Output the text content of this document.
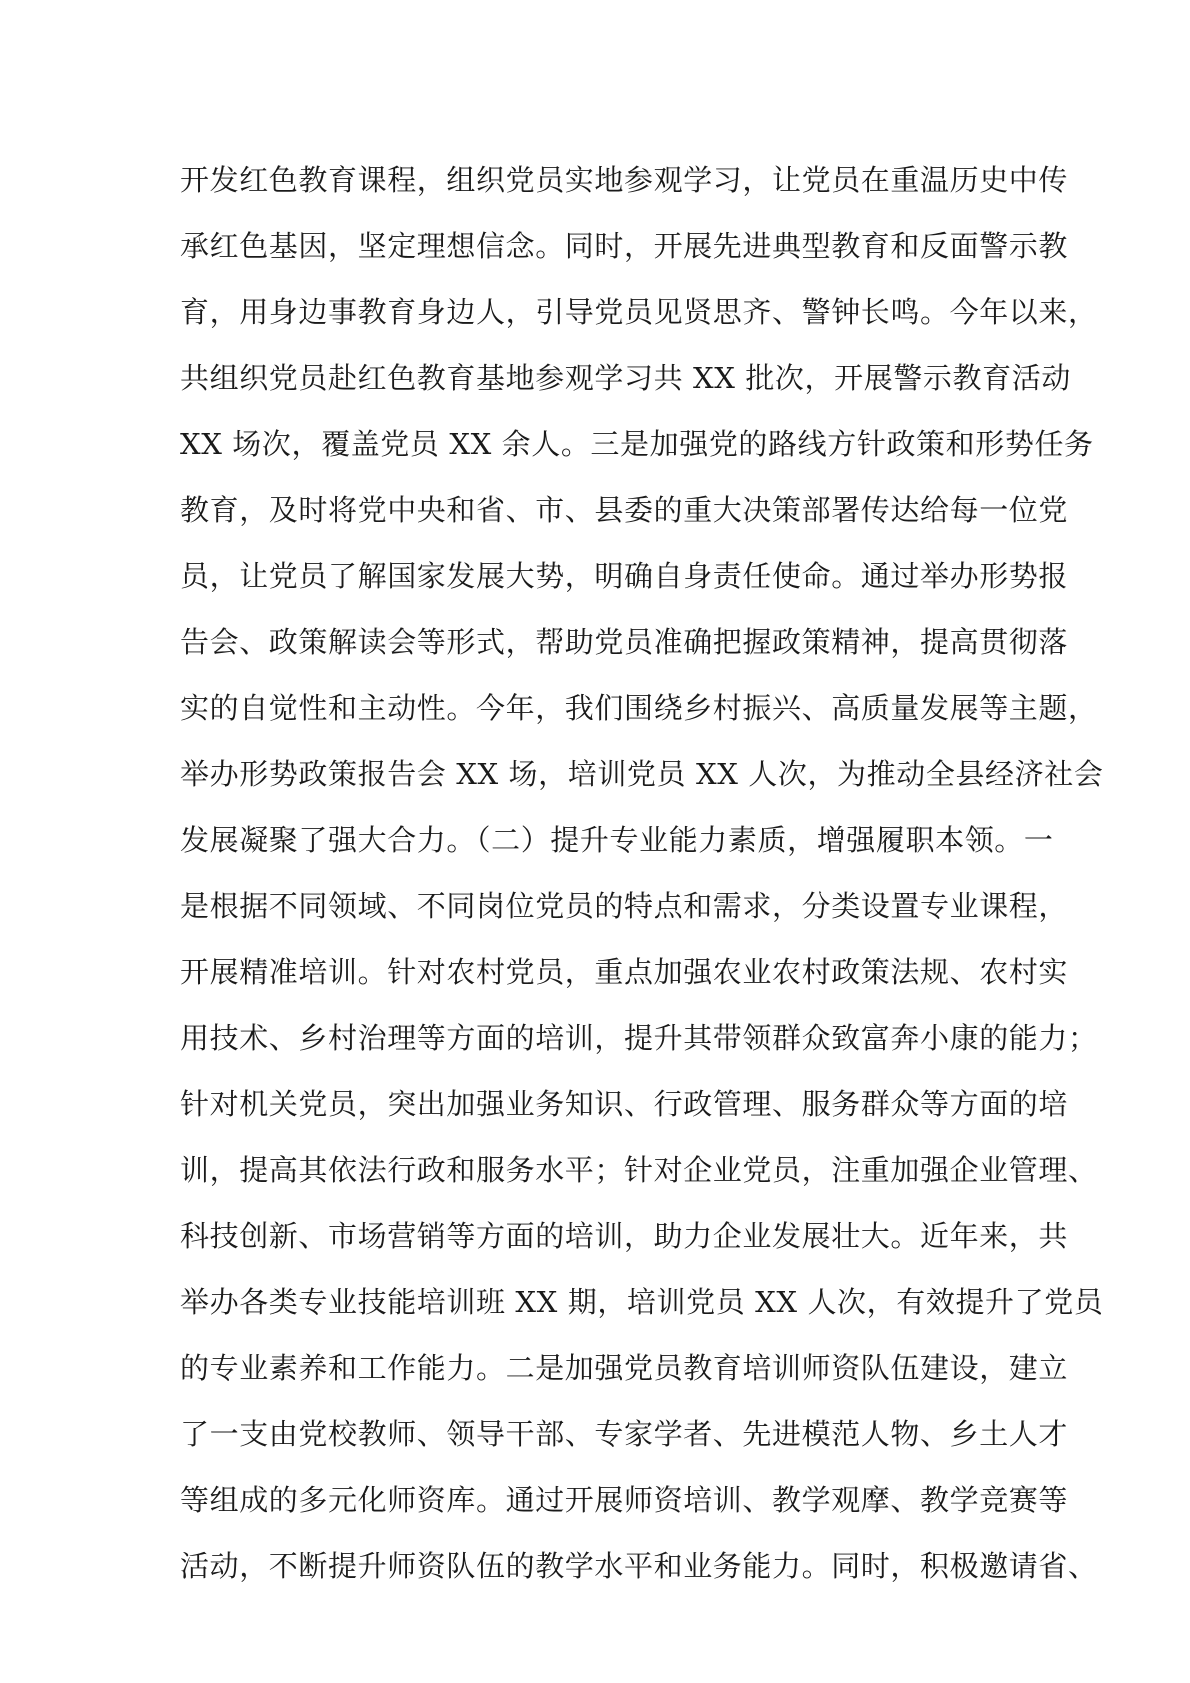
开发红色教育课程，组织党员实地参观学习，让党员在重温历史中传
承红色基因，坚定理想信念。同时，开展先进典型教育和反面警示教
育，用身边事教育身边人，引导党员见贤思齐、警钟长鸣。今年以来，
共组织党员赴红色教育基地参观学习共 XX 批次，开展警示教育活动
XX 场次，覆盖党员 XX 余人。三是加强党的路线方针政策和形势任务
教育，及时将党中央和省、市、县委的重大决策部署传达给每一位党
员，让党员了解国家发展大势，明确自身责任使命。通过举办形势报
告会、政策解读会等形式，帮助党员准确把握政策精神，提高贯彻落
实的自觉性和主动性。今年，我们围绕乡村振兴、高质量发展等主题，
举办形势政策报告会 XX 场，培训党员 XX 人次，为推动全县经济社会
发展凝聚了强大合力。（二）提升专业能力素质，增强履职本领。一
是根据不同领域、不同岗位党员的特点和需求，分类设置专业课程，
开展精准培训。针对农村党员，重点加强农业农村政策法规、农村实
用技术、乡村治理等方面的培训，提升其带领群众致富奔小康的能力；
针对机关党员，突出加强业务知识、行政管理、服务群众等方面的培
训，提高其依法行政和服务水平；针对企业党员，注重加强企业管理、
科技创新、市场营销等方面的培训，助力企业发展壮大。近年来，共
举办各类专业技能培训班 XX 期，培训党员 XX 人次，有效提升了党员
的专业素养和工作能力。二是加强党员教育培训师资队伍建设，建立
了一支由党校教师、领导干部、专家学者、先进模范人物、乡土人才
等组成的多元化师资库。通过开展师资培训、教学观摩、教学竞赛等
活动，不断提升师资队伍的教学水平和业务能力。同时，积极邀请省、
